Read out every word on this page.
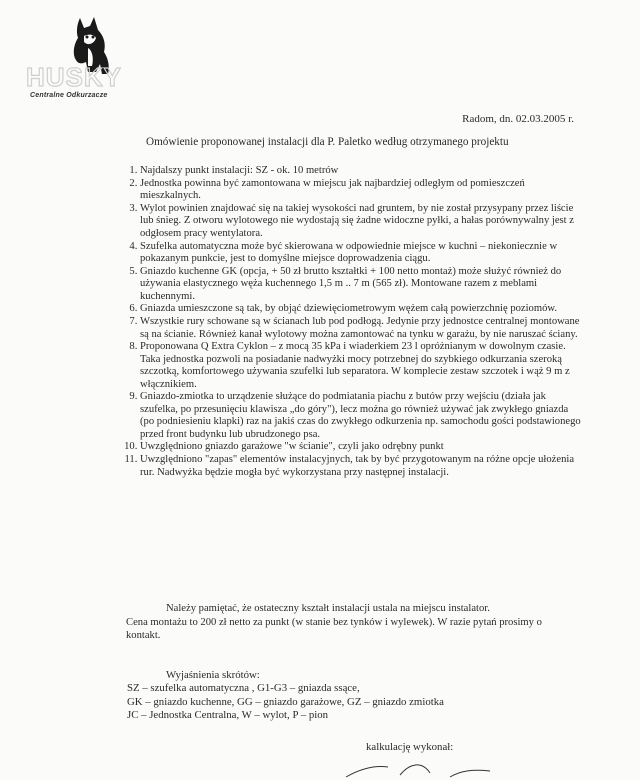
HUSKY
Centralne Odkurzacze
Radom, dn. 02.03.2005 r.
Omówienie proponowanej instalacji dla P. Paletko według otrzymanego projektu
1. Najdalszy punkt instalacji: SZ - ok. 10 metrów
2. Jednostka powinna być zamontowana w miejscu jak najbardziej odległym od pomieszczeń mieszkalnych.
3. Wylot powinien znajdować się na takiej wysokości nad gruntem, by nie został przysypany przez liście lub śnieg. Z otworu wylotowego nie wydostają się żadne widoczne pyłki, a hałas porównywalny jest z odgłosem pracy wentylatora.
4. Szufelka automatyczna może być skierowana w odpowiednie miejsce w kuchni – niekoniecznie w pokazanym punkcie, jest to domyślne miejsce doprowadzenia ciągu.
5. Gniazdo kuchenne GK (opcja, + 50 zł brutto kształtki + 100 netto montaż) może służyć również do używania elastycznego węża kuchennego 1,5 m .. 7 m (565 zł). Montowane razem z meblami kuchennymi.
6. Gniazda umieszczone są tak, by objąć dziewięciometrowym wężem całą powierzchnię poziomów.
7. Wszystkie rury schowane są w ścianach lub pod podłogą. Jedynie przy jednostce centralnej montowane są na ścianie. Również kanał wylotowy można zamontować na tynku w garażu, by nie naruszać ściany.
8. Proponowana Q Extra Cyklon – z mocą 35 kPa i wiaderkiem 23 l opróżnianym w dowolnym czasie. Taka jednostka pozwoli na posiadanie nadwyżki mocy potrzebnej do szybkiego odkurzania szeroką szczotką, komfortowego używania szufelki lub separatora. W komplecie zestaw szczotek i wąż 9 m z włącznikiem.
9. Gniazdo-zmiotka to urządzenie służące do podmiatania piachu z butów przy wejściu (działa jak szufelka, po przesunięciu klawisza „do góry"), lecz można go również używać jak zwykłego gniazda (po podniesieniu klapki) raz na jakiś czas do zwykłego odkurzenia np. samochodu gości podstawionego przed front budynku lub ubrudzonego psa.
10. Uwzględniono gniazdo garażowe "w ścianie", czyli jako odrębny punkt
11. Uwzględniono "zapas" elementów instalacyjnych, tak by być przygotowanym na różne opcje ułożenia rur. Nadwyżka będzie mogła być wykorzystana przy następnej instalacji.
Należy pamiętać, że ostateczny kształt instalacji ustala na miejscu instalator.
Cena montażu to 200 zł netto za punkt (w stanie bez tynków i wylewek). W razie pytań prosimy o kontakt.
Wyjaśnienia skrótów:
SZ – szufelka automatyczna , G1-G3 – gniazda ssące,
GK – gniazdo kuchenne, GG – gniazdo garażowe, GZ – gniazdo zmiotka
JC – Jednostka Centralna, W – wylot, P – pion
kalkulację wykonał:
